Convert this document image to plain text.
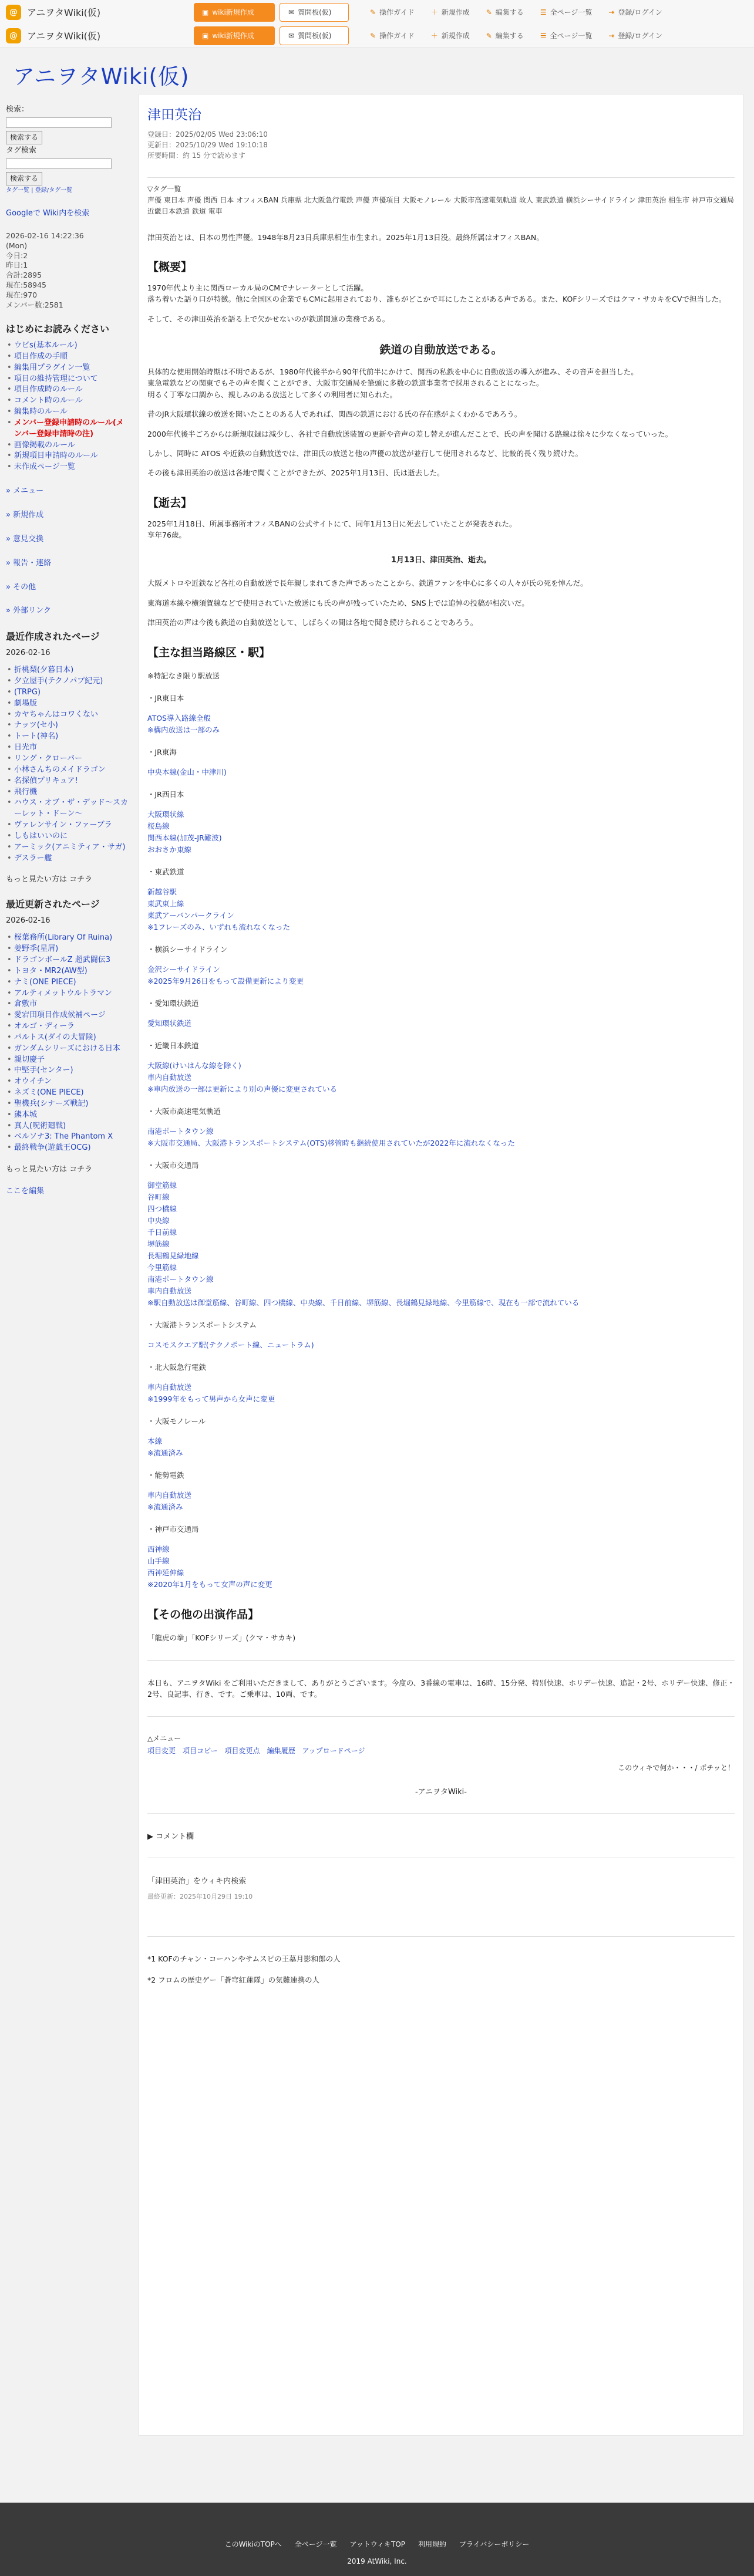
@	アニヲタWiki(仮)	▣ wiki新規作成	✉ 質問板(仮)	✎ 操作ガイド ＋ 新規作成 ✎ 編集する ☰ 全ページ一覧 ⇥ 登録/ログイン
@	アニヲタWiki(仮)	▣ wiki新規作成	✉ 質問板(仮)	✎ 操作ガイド ＋ 新規作成 ✎ 編集する ☰ 全ページ一覧 ⇥ 登録/ログイン
アニヲタWiki(仮)
検索：
検索する
タグ検索
検索する
タグ一覧 | 登録/タグ一覧
Googleで Wiki内を検索
2026-02-16 14:22:36
(Mon)
今日:2
昨日:1
合計:2895
現在:58945
現在:970
メンバー数:2581
はじめにお読みください
• ウビs(基本ルール)
• 項目作成の手順
• 編集用プラグイン一覧
• 項目の維持管理について
• 項目作成時のルール
• コメント時のルール
• 編集時のルール
• メンバー登録申請時のルール(メンバー登録申請時の注)
• 画像掲載のルール
• 新規項目申請時のルール
• 未作成ページ一覧
» メニュー
» 新規作成
» 意見交換
» 報告・連絡
» その他
» 外部リンク
最近作成されたページ
2026-02-16
• 折桃梨(夕暮日本)
• 夕立屋手(テクノパプ紀元)
• (TRPG)
• 劇場版
• カヤちゃんはコワくない
• ナッツ(セ小)
• トート(神名)
• 日光市
• リング・クローバー
• 小林さんちのメイドラゴン
• 名探偵プリキュア!
• 飛行機
• ハウス・オブ・ザ・デッド〜スカーレット・ドーン〜
• ヴァレンサイン・ファーブラ
• しもはいいのに
• アーミック(アニミティア・サガ)
• デスラー艦
もっと見たい方は コチラ
最近更新されたページ
2026-02-16
• 桜葉務所(Library Of Ruina)
• 姜野季(星屑)
• ドラゴンボールZ 超武闘伝3
• トヨタ・MR2(AW型)
• ナミ(ONE PIECE)
• アルティメットウルトラマン
• 倉敷市
• 愛宕田項目作成候補ページ
• オルゴ・ディーラ
• パルトス(ダイの大冒険)
• ガンダムシリーズにおける日本
• 親切慶子
• 中堅手(センター)
• オウイチン
• ネズミ(ONE PIECE)
• 聖機兵(シナーズ戦記)
• 熊本城
• 真人(呪術廻戦)
• ペルソナ3: The Phantom X
• 最終戦争(遊戯王OCG)
もっと見たい方は コチラ
ここを編集
津田英治
登録日：2025/02/05 Wed 23:06:10
更新日：2025/10/29 Wed 19:10:18
所要時間：約 15 分で読めます
▽タグ一覧
声優 東日本 声優 関西 日本 オフィスBAN 兵庫県 北大阪急行電鉄 声優 声優項目 大阪モノレール 大阪市高速電気軌道 故人 東武鉄道 横浜シーサイドライン 津田英治 相生市 神戸市交通局 近畿日本鉄道 鉄道 電車

津田英治とは、日本の男性声優。1948年8月23日兵庫県相生市生まれ。2025年1月13日没。最終所属はオフィスBAN。

【概要】

1970年代より主に関西ローカル局のCMでナレーターとして活躍。
落ち着いた語り口が特徴。他に全国区の企業でもCMに起用されており、誰もがどこかで耳にしたことがある声である。また、KOFシリーズではクマ・サカキをCVで担当した。

そして、その津田英治を語る上で欠かせないのが鉄道関連の業務である。

鉄道の自動放送である。

具体的な使用開始時期は不明であるが、1980年代後半から90年代前半にかけて、関西の私鉄を中心に自動放送の導入が進み、その音声を担当した。
東急電鉄などの関東でもその声を聞くことができ、大阪市交通局を筆頭に多数の鉄道事業者で採用されることになった。
明るく丁寧な口調から、親しみのある放送として多くの利用者に知られた。

昔のJR大阪環状線の放送を聞いたことのある人であれば、関西の鉄道における氏の存在感がよくわかるであろう。

2000年代後半ごろからは新規収録は減少し、各社で自動放送装置の更新や音声の差し替えが進んだことで、氏の声を聞ける路線は徐々に少なくなっていった。

しかし、同時に ATOS や近鉄の自動放送では、津田氏の放送と他の声優の放送が並行して使用されるなど、比較的長く残り続けた。

その後も津田英治の放送は各地で聞くことができたが、2025年1月13日、氏は逝去した。

【逝去】

2025年1月18日、所属事務所オフィスBANの公式サイトにて、同年1月13日に死去していたことが発表された。
享年76歳。

1月13日、津田英治、逝去。

大阪メトロや近鉄など各社の自動放送で長年親しまれてきた声であったことから、鉄道ファンを中心に多くの人々が氏の死を悼んだ。

東海道本線や横須賀線などで使用されていた放送にも氏の声が残っていたため、SNS上では追悼の投稿が相次いだ。

津田英治の声は今後も鉄道の自動放送として、しばらくの間は各地で聞き続けられることであろう。

【主な担当路線区・駅】
※特記なき限り駅放送
・JR東日本
ATOS導入路線全般
※構内放送は一部のみ
・JR東海
中央本線(金山・中津川)
・JR西日本
大阪環状線
桜島線
関西本線(加茂-JR難波)
おおさか東線
・東武鉄道
新越谷駅
東武東上線
東武アーバンパークライン
※1フレーズのみ、いずれも流れなくなった
・横浜シーサイドライン
金沢シーサイドライン
※2025年9月26日をもって設備更新により変更
・愛知環状鉄道
愛知環状鉄道
・近畿日本鉄道
大阪線(けいはんな線を除く)
車内自動放送
※車内放送の一部は更新により別の声優に変更されている
・大阪市高速電気軌道
南港ポートタウン線
※大阪市交通局、大阪港トランスポートシステム(OTS)移管時も継続使用されていたが2022年に流れなくなった
・大阪市交通局
御堂筋線
谷町線
四つ橋線
中央線
千日前線
堺筋線
長堀鶴見緑地線
今里筋線
南港ポートタウン線
車内自動放送
※駅自動放送は御堂筋線、谷町線、四つ橋線、中央線、千日前線、堺筋線、長堀鶴見緑地線、今里筋線で、現在も一部で流れている
・大阪港トランスポートシステム
コスモスクエア駅(テクノポート線、ニュートラム)
・北大阪急行電鉄
車内自動放送
※1999年をもって男声から女声に変更
・大阪モノレール
本線
※流通済み
・能勢電鉄
車内自動放送
※流通済み
・神戸市交通局
西神線
山手線
西神延伸線
※2020年1月をもって女声の声に変更
【その他の出演作品】
「龍虎の拳」「KOFシリーズ」(クマ・サカキ)

本日も、アニヲタWiki をご利用いただきまして、ありがとうございます。今度の、3番線の電車は、16時、15分発、特別快速、ホリデー快速、追記・2号、ホリデー快速、修正・2号、良記事、行き、です。ご乗車は、10両、です。

△メニュー
項目変更 項目コピー 項目変更点 編集履歴 アップロードページ
このウィキで何か・・・/ ポチッと！
-アニヲタWiki-
▶ コメント欄
「津田英治」をウィキ内検索
最終更新：2025年10月29日 19:10
*1 KOFのチャン・コーハンやサムスピの王墓月影和郎の人
*2 フロムの歴史ゲー「蒼穹紅蓮隊」の気難連携の人
このWikiのTOPへ 全ページ一覧 アットウィキTOP 利用規約 プライバシーポリシー
2019 AtWiki, Inc.
